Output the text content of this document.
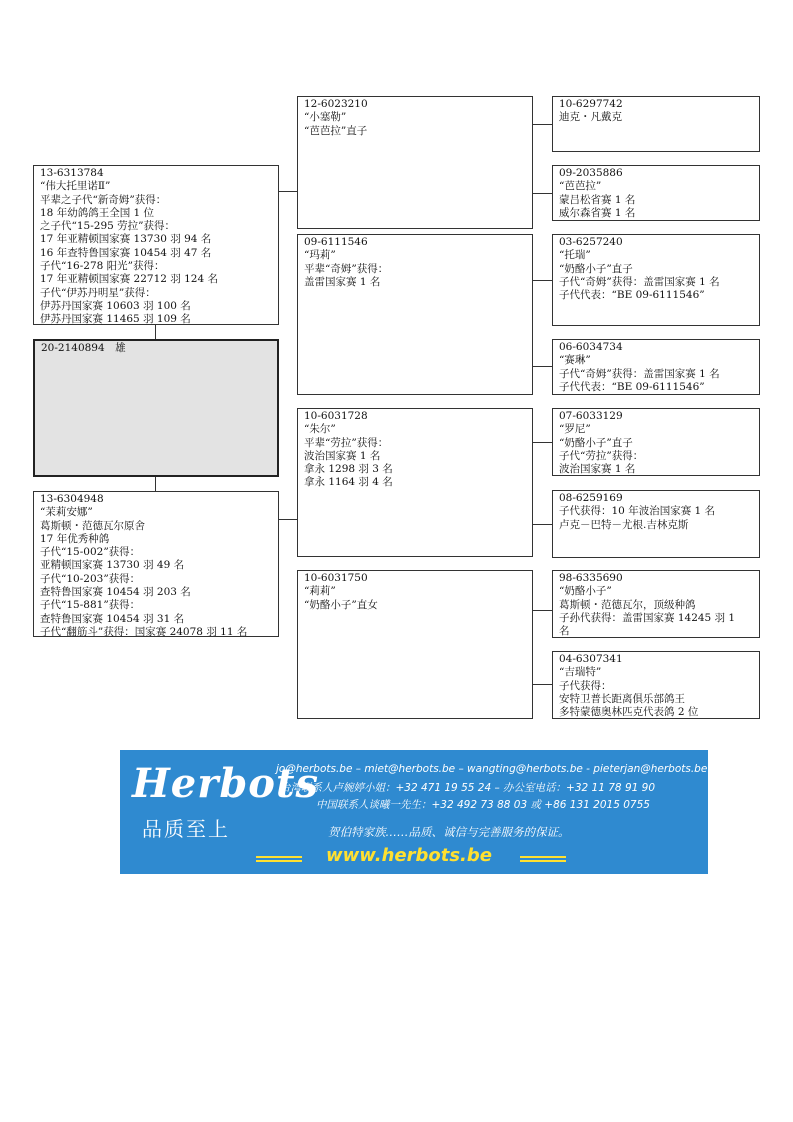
13-6313784
“伟大托里诺Ⅱ”
平辈之子代“新奇姆”获得：
18 年幼鸽鸽王全国 1 位
之子代“15-295 劳拉”获得：
17 年亚精顿国家赛 13730 羽 94 名
16 年查特鲁国家赛 10454 羽 47 名
子代“16-278 阳光”获得：
17 年亚精顿国家赛 22712 羽 124 名
子代“伊苏丹明星”获得：
伊苏丹国家赛 10603 羽 100 名
伊苏丹国家赛 11465 羽 109 名
20-2140894　雄
13-6304948
“茉莉安娜”
葛斯顿・范德瓦尔原舍
17 年优秀种鸽
子代“15-002”获得：
亚精顿国家赛 13730 羽 49 名
子代“10-203”获得：
查特鲁国家赛 10454 羽 203 名
子代“15-881”获得：
查特鲁国家赛 10454 羽 31 名
子代“翻筋斗”获得：国家赛 24078 羽 11 名
12-6023210
“小塞勒”
“芭芭拉”直子
09-6111546
“玛莉”
平辈“奇姆”获得：
盖雷国家赛 1 名
10-6031728
“朱尔”
平辈“劳拉”获得：
波治国家赛 1 名
拿永 1298 羽 3 名
拿永 1164 羽 4 名
10-6031750
“莉莉”
“奶酪小子”直女
10-6297742
迪克・凡戴克
09-2035886
“芭芭拉”
蒙吕松省赛 1 名
威尔森省赛 1 名
03-6257240
“托瑞”
“奶酪小子”直子
子代“奇姆”获得：盖雷国家赛 1 名
子代代表：“BE 09-6111546”
06-6034734
“赛琳”
子代“奇姆”获得：盖雷国家赛 1 名
子代代表：“BE 09-6111546”
07-6033129
“罗尼”
“奶酪小子”直子
子代“劳拉”获得：
波治国家赛 1 名
08-6259169
子代获得：10 年波治国家赛 1 名
卢克－巴特－尤根.吉林克斯
98-6335690
“奶酪小子”
葛斯顿・范德瓦尔，顶级种鸽
子孙代获得：盖雷国家赛 14245 羽 1
名
04-6307341
“吉瑞特”
子代获得：
安特卫普长距离俱乐部鸽王
多特蒙德奥林匹克代表鸽 2 位
Herbots
品质至上
jo@herbots.be – miet@herbots.be – wangting@herbots.be - pieterjan@herbots.be
台湾联系人卢婉婷小姐：+32 471 19 55 24 – 办公室电话：+32 11 78 91 90
中国联系人谈曦一先生：+32 492 73 88 03 或 +86 131 2015 0755
贺伯特家族……品质、诚信与完善服务的保证。
www.herbots.be
